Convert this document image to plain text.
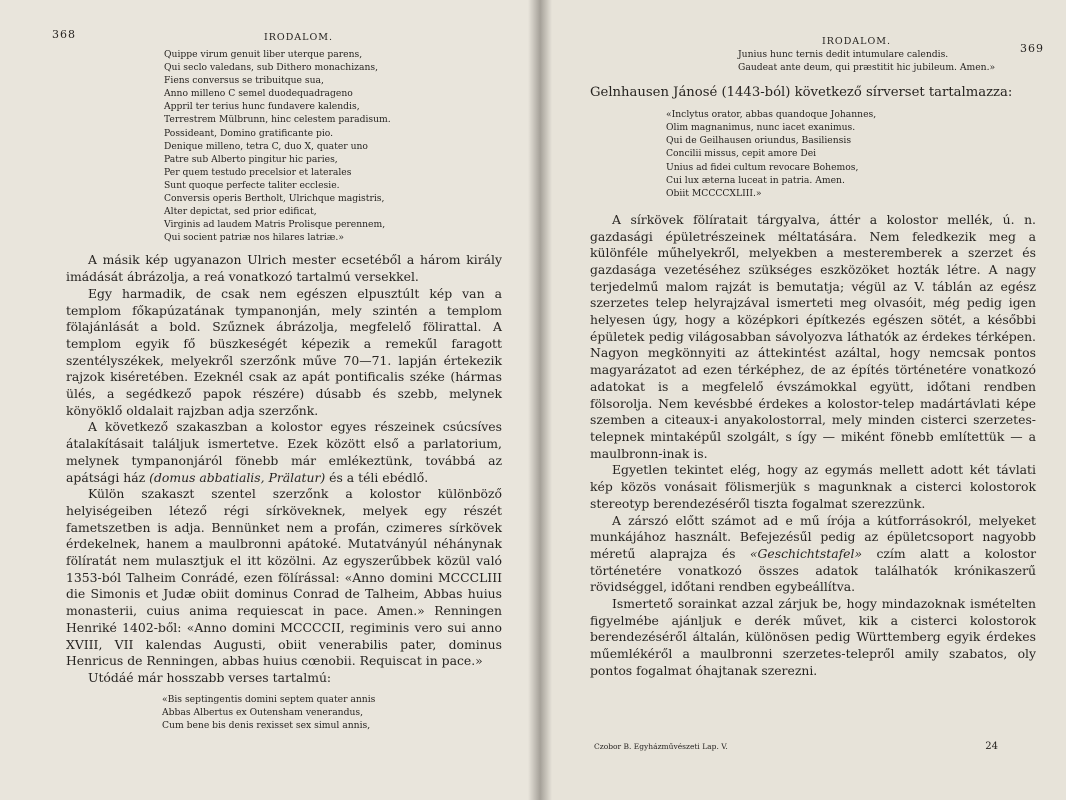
368	IRODALOM.
Quippe virum genuit liber uterque parens,
Qui seclo valedans, sub Dithero monachizans,
Fiens conversus se tribuitque sua,
Anno milleno C semel duodequadrageno
Appril ter terius hunc fundavere kalendis,
Terrestrem Mülbrunn, hinc celestem paradisum.
Possideant, Domino gratificante pio.
Denique milleno, tetra C, duo X, quater uno
Patre sub Alberto pingitur hic paries,
Per quem testudo precelsior et laterales
Sunt quoque perfecte taliter ecclesie.
Conversis operis Bertholt, Ulrichque magistris,
Alter depictat, sed prior edificat,
Virginis ad laudem Matris Prolisque perennem,
Qui socient patriæ nos hilares latriæ.»

A másik kép ugyanazon Ulrich mester ecsetéből a három király imádását ábrázolja, a reá vonatkozó tartalmú versekkel.

Egy harmadik, de csak nem egészen elpusztúlt kép van a templom főkapúzatának tympanonján, mely szintén a templom fölajánlását a bold. Szűznek ábrázolja, megfelelő fölirattal. A templom egyik fő büszkeségét képezik a remekűl faragott szentélyszékek, melyekről szerzőnk műve 70—71. lapján értekezik rajzok kiséretében. Ezeknél csak az apát pontificalis széke (hármas ülés, a segédkező papok részére) dúsabb és szebb, melynek könyöklő oldalait rajzban adja szerzőnk.

A következő szakaszban a kolostor egyes részeinek csúcsíves átalakításait találjuk ismertetve. Ezek között első a parlatorium, melynek tympanonjáról fönebb már emlékeztünk, továbbá az apátsági ház (domus abbatialis, Prälatur) és a téli ebédlő.

Külön szakaszt szentel szerzőnk a kolostor különböző helyiségeiben létező régi sírköveknek, melyek egy részét fametszetben is adja. Bennünket nem a profán, czimeres sírkövek érdekelnek, hanem a maulbronni apátoké. Mutatványúl néhánynak fölíratát nem mulasztjuk el itt közölni. Az egyszerűbbek közül való 1353-ból Talheim Conrádé, ezen fölírással: «Anno domini MCCCLIII die Simonis et Judæ obiit dominus Conrad de Talheim, Abbas huius monasterii, cuius anima requiescat in pace. Amen.» Renningen Henriké 1402-ből: «Anno domini MCCCCII, regiminis vero sui anno XVIII, VII kalendas Augusti, obiit venerabilis pater, dominus Henricus de Renningen, abbas huius cœnobii. Requiscat in pace.»

Utódáé már hosszabb verses tartalmú:

«Bis septingentis domini septem quater annis
Abbas Albertus ex Outensham venerandus,
Cum bene bis denis rexisset sex simul annis,
IRODALOM.
369
Junius hunc ternis dedit intumulare calendis.
Gaudeat ante deum, qui præstitit hic jubileum. Amen.»

Gelnhausen Jánosé (1443-ból) következő sírverset tartalmazza:

«Inclytus orator, abbas quandoque Johannes,
Olim magnanimus, nunc iacet exanimus.
Qui de Geilhausen oriundus, Basiliensis
Concilii missus, cepit amore Dei
Unius ad fidei cultum revocare Bohemos,
Cui lux æterna luceat in patria. Amen.
Obiit MCCCCXLIII.»

A sírkövek fölíratait tárgyalva, áttér a kolostor mellék, ú. n. gazdasági épületrészeinek méltatására. Nem feledkezik meg a különféle műhelyekről, melyekben a mesteremberek a szerzet és gazdasága vezetéséhez szükséges eszközöket hozták létre. A nagy terjedelmű malom rajzát is bemutatja; végül az V. táblán az egész szerzetes telep helyrajzával ismerteti meg olvasóit, még pedig igen helyesen úgy, hogy a középkori építkezés egészen sötét, a későbbi épületek pedig világosabban sávolyozva láthatók az érdekes térképen. Nagyon megkönnyiti az áttekintést azáltal, hogy nemcsak pontos magyarázatot ad ezen térképhez, de az építés történetére vonatkozó adatokat is a megfelelő évszámokkal együtt, időtani rendben fölsorolja. Nem kevésbbé érdekes a kolostor-telep madártávlati képe szemben a citeaux-i anyakolostorral, mely minden cisterci szerzetes-telepnek mintaképűl szolgált, s így — miként fönebb említettük — a maulbronn-inak is.

Egyetlen tekintet elég, hogy az egymás mellett adott két távlati kép közös vonásait fölismerjük s magunknak a cisterci kolostorok stereotyp berendezéséről tiszta fogalmat szerezzünk.

A zárszó előtt számot ad e mű írója a kútforrásokról, melyeket munkájához használt. Befejezésűl pedig az épületcsoport nagyobb méretű alaprajza és «Geschichtstafel» czím alatt a kolostor történetére vonatkozó összes adatok találhatók krónikaszerű rövidséggel, időtani rendben egybeállítva.

Ismertető sorainkat azzal zárjuk be, hogy mindazoknak ismételten figyelmébe ajánljuk e derék művet, kik a cisterci kolostorok berendezéséről általán, különösen pedig Württemberg egyik érdekes műemlékéről a maulbronni szerzetes-telepről amily szabatos, oly pontos fogalmat óhajtanak szerezni.

Czobor B. Egyházművészeti Lap. V.	24
